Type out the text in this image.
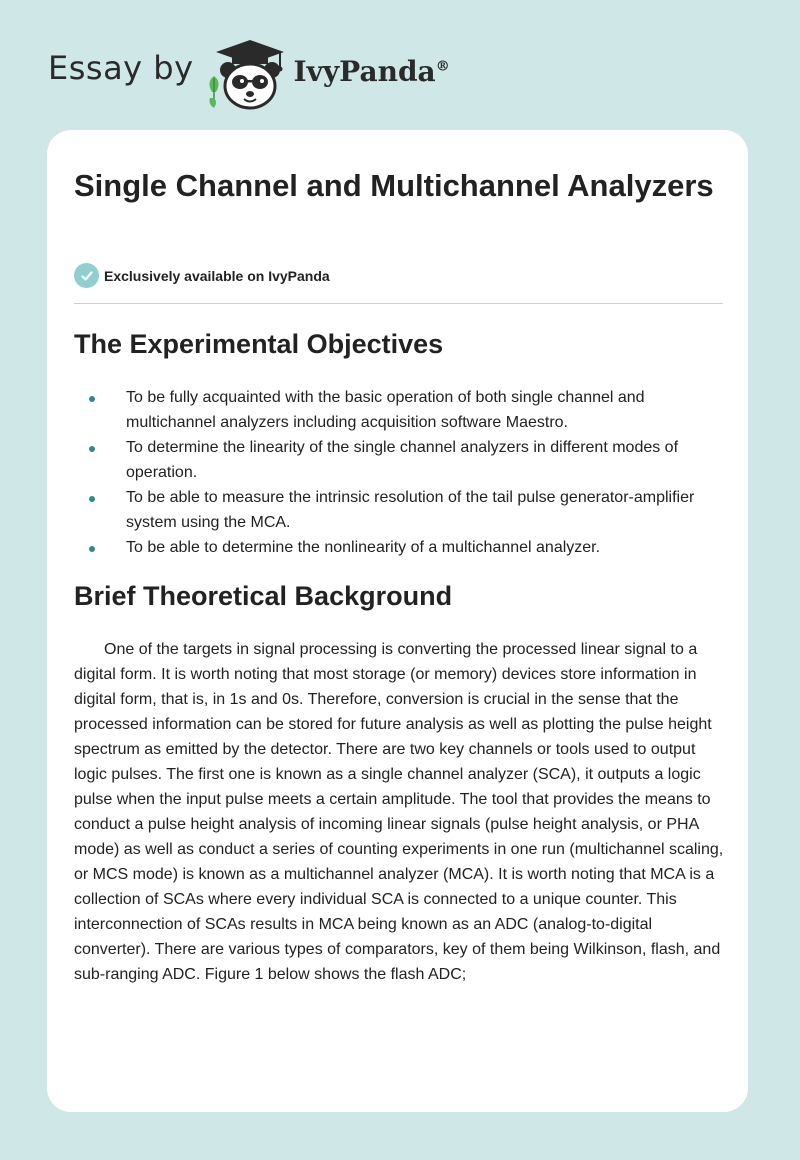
Essay by	IvyPanda®
Single Channel and Multichannel Analyzers
Exclusively available on IvyPanda
The Experimental Objectives
To be fully acquainted with the basic operation of both single channel and multichannel analyzers including acquisition software Maestro.
To determine the linearity of the single channel analyzers in different modes of operation.
To be able to measure the intrinsic resolution of the tail pulse generator-amplifier system using the MCA.
To be able to determine the nonlinearity of a multichannel analyzer.
Brief Theoretical Background

One of the targets in signal processing is converting the processed linear signal to a digital form. It is worth noting that most storage (or memory) devices store information in digital form, that is, in 1s and 0s. Therefore, conversion is crucial in the sense that the processed information can be stored for future analysis as well as plotting the pulse height spectrum as emitted by the detector. There are two key channels or tools used to output logic pulses. The first one is known as a single channel analyzer (SCA), it outputs a logic pulse when the input pulse meets a certain amplitude. The tool that provides the means to conduct a pulse height analysis of incoming linear signals (pulse height analysis, or PHA mode) as well as conduct a series of counting experiments in one run (multichannel scaling, or MCS mode) is known as a multichannel analyzer (MCA). It is worth noting that MCA is a collection of SCAs where every individual SCA is connected to a unique counter. This interconnection of SCAs results in MCA being known as an ADC (analog-to-digital converter). There are various types of comparators, key of them being Wilkinson, flash, and sub-ranging ADC. Figure 1 below shows the flash ADC;
